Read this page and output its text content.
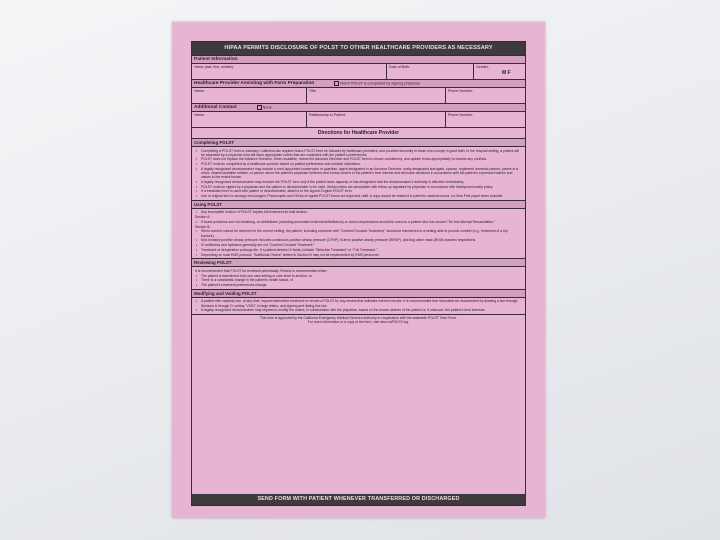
HIPAA PERMITS DISCLOSURE OF POLST TO OTHER HEALTHCARE PROVIDERS AS NECESSARY
Patient Information
Name (last, first, middle):	Date of Birth:	Gender:
M F
Healthcare Provider Assisting with Form Preparation	N/A if POLST is completed by signing physician
Name:	Title:	Phone Number:
Additional Contact	None
Name:	Relationship to Patient:	Phone Number:
Directions for Healthcare Provider
Completing POLST
• Completing a POLST form is voluntary. California law requires that a POLST form be followed by healthcare providers, and provides immunity to those who comply in good faith. In the hospital setting, a patient will be assessed by a physician who will issue appropriate orders that are consistent with the patient's preferences.
• POLST does not replace the Advance Directive. When available, review the Advance Directive and POLST form to ensure consistency, and update forms appropriately to resolve any conflicts.
• POLST must be completed by a healthcare provider based on patient preferences and medical indications.
• A legally recognized decisionmaker may include a court-appointed conservator or guardian, agent designated in an Advance Directive, orally designated surrogate, spouse, registered domestic partner, parent of a minor, closest available relative, or person whom the patient's physician believes best knows what is in the patient's best interest and will make decisions in accordance with the patient's expressed wishes and values to the extent known.
• A legally recognized decisionmaker may execute the POLST form only if the patient lacks capacity or has designated that the decisionmaker's authority is effective immediately.
• POLST must be signed by a physician and the patient or decisionmaker to be valid. Verbal orders are acceptable with follow-up signature by physician in accordance with facility/community policy.
• If a translated form is used with patient or decisionmaker, attach it to the signed English POLST form.
• Use of original form is strongly encouraged. Photocopies and FAXes of signed POLST forms are legal and valid. A copy should be retained in patient's medical record, on Ultra Pink paper when possible.
Using POLST
• Any incomplete section of POLST implies full treatment for that section.
Section A:
• If found pulseless and not breathing, no defibrillator (including automated external defibrillators) or chest compressions should be used on a patient who has chosen "Do Not Attempt Resuscitation."
Section B:
• When comfort cannot be achieved in the current setting, the patient, including someone with "Comfort-Focused Treatment," should be transferred to a setting able to provide comfort (e.g., treatment of a hip fracture).
• Non-invasive positive airway pressure includes continuous positive airway pressure (CPAP), bi-level positive airway pressure (BiPAP), and bag valve mask (BVM) assisted respirations.
• IV antibiotics and hydration generally are not "Comfort-Focused Treatment."
• Treatment of dehydration prolongs life. If a patient desires IV fluids, indicate "Selective Treatment" or "Full Treatment."
• Depending on local EMS protocol, "Additional Orders" written in Section B may not be implemented by EMS personnel.
Reviewing POLST
It is recommended that POLST be reviewed periodically. Review is recommended when:
• The patient is transferred from one care setting or care level to another, or
• There is a substantial change in the patient's health status, or
• The patient's treatment preferences change.
Modifying and Voiding POLST
• A patient with capacity can, at any time, request alternative treatment or revoke a POLST by any means that indicates intent to revoke. It is recommended that revocation be documented by drawing a line through Sections A through D, writing "VOID" in large letters, and signing and dating this line.
• A legally recognized decisionmaker may request to modify the orders, in collaboration with the physician, based on the known desires of the patient or, if unknown, the patient's best interests.
This form is approved by the California Emergency Medical Services Authority in cooperation with the statewide POLST Task Force.
For more information or a copy of the form, visit www.caPOLST.org.
SEND FORM WITH PATIENT WHENEVER TRANSFERRED OR DISCHARGED
